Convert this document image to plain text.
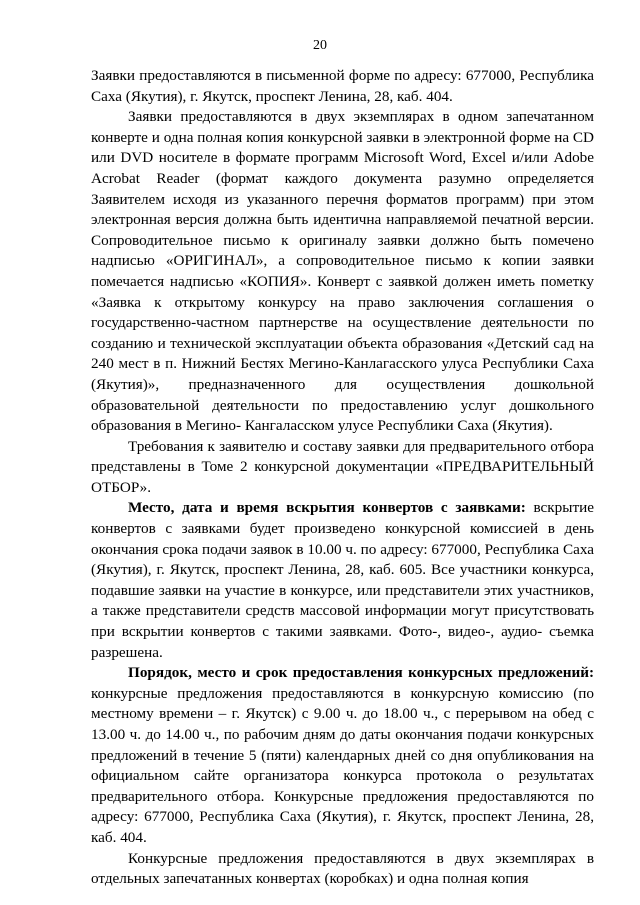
20

Заявки предоставляются в письменной форме по адресу: 677000, Республика Саха (Якутия), г. Якутск, проспект Ленина, 28, каб. 404.

Заявки предоставляются в двух экземплярах в одном запечатанном конверте и одна полная копия конкурсной заявки в электронной форме на CD или DVD носителе в формате программ Microsoft Word, Excel и/или Adobe Acrobat Reader (формат каждого документа разумно определяется Заявителем исходя из указанного перечня форматов программ) при этом электронная версия должна быть идентична направляемой печатной версии. Сопроводительное письмо к оригиналу заявки должно быть помечено надписью «ОРИГИНАЛ», а сопроводительное письмо к копии заявки помечается надписью «КОПИЯ». Конверт с заявкой должен иметь пометку «Заявка к открытому конкурсу на право заключения соглашения о государственно-частном партнерстве на осуществление деятельности по созданию и технической эксплуатации объекта образования «Детский сад на 240 мест в п. Нижний Бестях Мегино-Канлагасского улуса Республики Саха (Якутия)», предназначенного для осуществления дошкольной образовательной деятельности по предоставлению услуг дошкольного образования в Мегино- Кангаласском улусе Республики Саха (Якутия).

Требования к заявителю и составу заявки для предварительного отбора представлены в Томе 2 конкурсной документации «ПРЕДВАРИТЕЛЬНЫЙ ОТБОР».

Место, дата и время вскрытия конвертов с заявками: вскрытие конвертов с заявками будет произведено конкурсной комиссией в день окончания срока подачи заявок в 10.00 ч. по адресу: 677000, Республика Саха (Якутия), г. Якутск, проспект Ленина, 28, каб. 605. Все участники конкурса, подавшие заявки на участие в конкурсе, или представители этих участников, а также представители средств массовой информации могут присутствовать при вскрытии конвертов с такими заявками. Фото-, видео-, аудио- съемка разрешена.

Порядок, место и срок предоставления конкурсных предложений: конкурсные предложения предоставляются в конкурсную комиссию (по местному времени – г. Якутск) с 9.00 ч. до 18.00 ч., с перерывом на обед с 13.00 ч. до 14.00 ч., по рабочим дням до даты окончания подачи конкурсных предложений в течение 5 (пяти) календарных дней со дня опубликования на официальном сайте организатора конкурса протокола о результатах предварительного отбора. Конкурсные предложения предоставляются по адресу: 677000, Республика Саха (Якутия), г. Якутск, проспект Ленина, 28, каб. 404.

Конкурсные предложения предоставляются в двух экземплярах в отдельных запечатанных конвертах (коробках) и одна полная копия
